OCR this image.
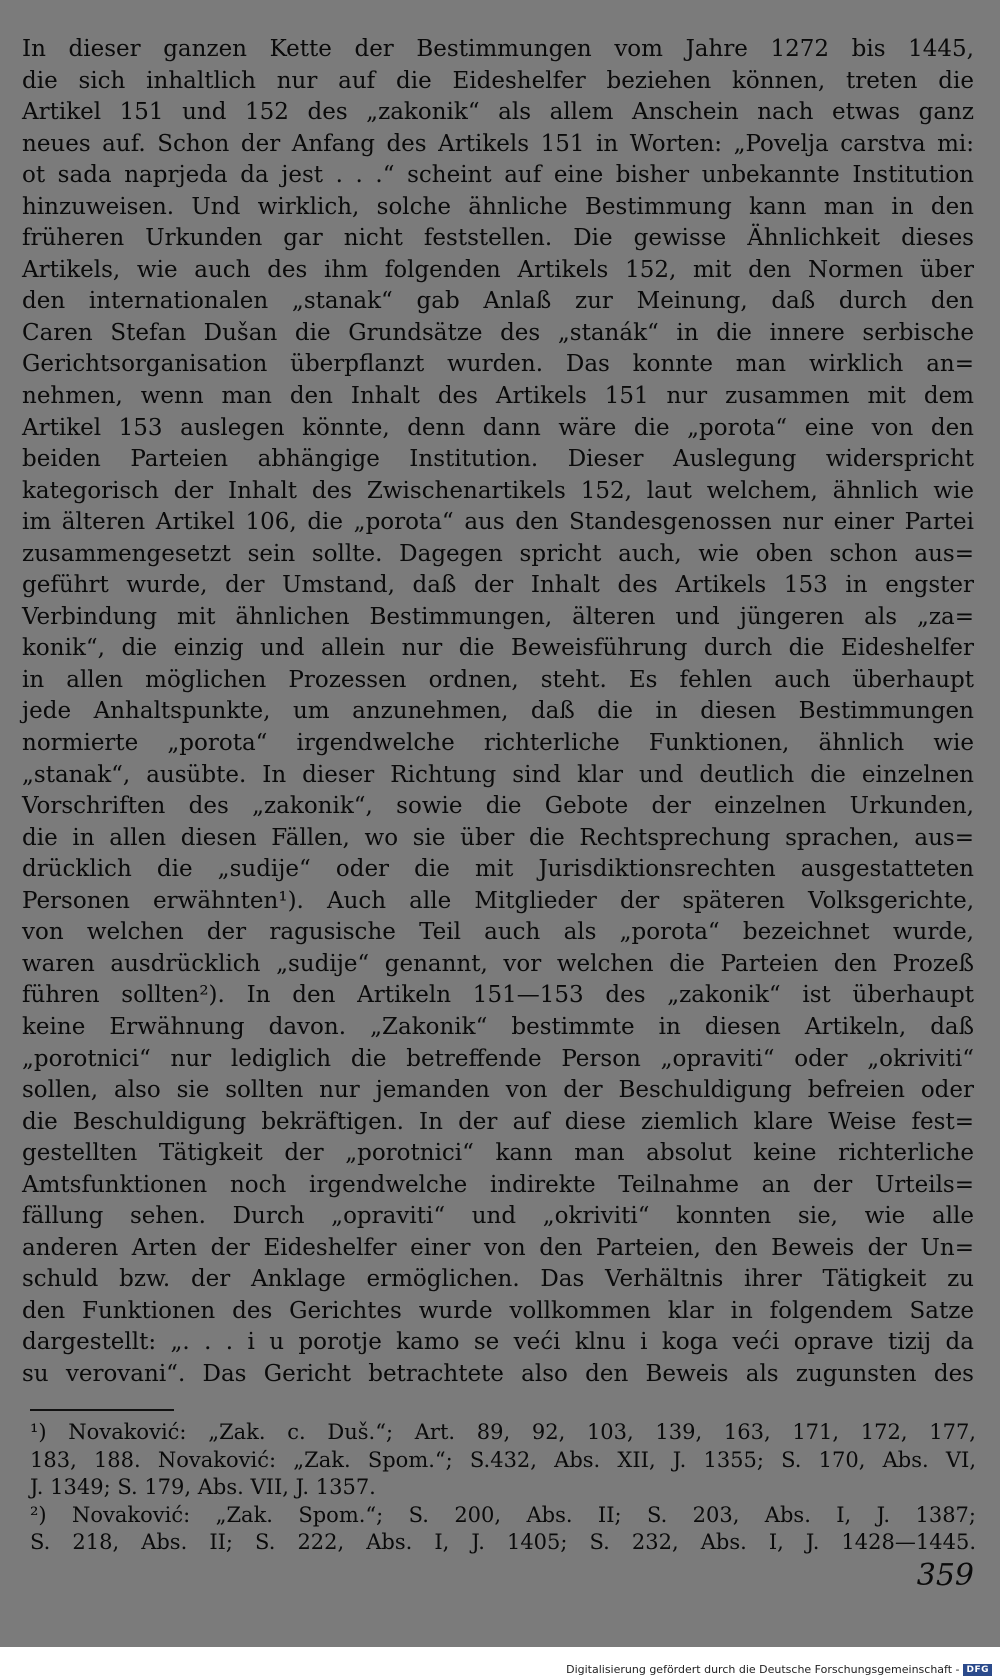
In dieser ganzen Kette der Bestimmungen vom Jahre 1272 bis 1445,
die sich inhaltlich nur auf die Eideshelfer beziehen können, treten die
Artikel 151 und 152 des „zakonik“ als allem Anschein nach etwas ganz
neues auf. Schon der Anfang des Artikels 151 in Worten: „Povelja carstva mi:
ot sada naprjeda da jest . . .“ scheint auf eine bisher unbekannte Institution
hinzuweisen. Und wirklich, solche ähnliche Bestimmung kann man in den
früheren Urkunden gar nicht feststellen. Die gewisse Ähnlichkeit dieses
Artikels, wie auch des ihm folgenden Artikels 152, mit den Normen über
den internationalen „stanak“ gab Anlaß zur Meinung, daß durch den
Caren Stefan Dušan die Grundsätze des „stanák“ in die innere serbische
Gerichtsorganisation überpflanzt wurden. Das konnte man wirklich an=
nehmen, wenn man den Inhalt des Artikels 151 nur zusammen mit dem
Artikel 153 auslegen könnte, denn dann wäre die „porota“ eine von den
beiden Parteien abhängige Institution. Dieser Auslegung widerspricht
kategorisch der Inhalt des Zwischenartikels 152, laut welchem, ähnlich wie
im älteren Artikel 106, die „porota“ aus den Standesgenossen nur einer Partei
zusammengesetzt sein sollte. Dagegen spricht auch, wie oben schon aus=
geführt wurde, der Umstand, daß der Inhalt des Artikels 153 in engster
Verbindung mit ähnlichen Bestimmungen, älteren und jüngeren als „za=
konik“, die einzig und allein nur die Beweisführung durch die Eideshelfer
in allen möglichen Prozessen ordnen, steht. Es fehlen auch überhaupt
jede Anhaltspunkte, um anzunehmen, daß die in diesen Bestimmungen
normierte „porota“ irgendwelche richterliche Funktionen, ähnlich wie
„stanak“, ausübte. In dieser Richtung sind klar und deutlich die einzelnen
Vorschriften des „zakonik“, sowie die Gebote der einzelnen Urkunden,
die in allen diesen Fällen, wo sie über die Rechtsprechung sprachen, aus=
drücklich die „sudije“ oder die mit Jurisdiktionsrechten ausgestatteten
Personen erwähnten¹). Auch alle Mitglieder der späteren Volksgerichte,
von welchen der ragusische Teil auch als „porota“ bezeichnet wurde,
waren ausdrücklich „sudije“ genannt, vor welchen die Parteien den Prozeß
führen sollten²). In den Artikeln 151—153 des „zakonik“ ist überhaupt
keine Erwähnung davon. „Zakonik“ bestimmte in diesen Artikeln, daß
„porotnici“ nur lediglich die betreffende Person „opraviti“ oder „okriviti“
sollen, also sie sollten nur jemanden von der Beschuldigung befreien oder
die Beschuldigung bekräftigen. In der auf diese ziemlich klare Weise fest=
gestellten Tätigkeit der „porotnici“ kann man absolut keine richterliche
Amtsfunktionen noch irgendwelche indirekte Teilnahme an der Urteils=
fällung sehen. Durch „opraviti“ und „okriviti“ konnten sie, wie alle
anderen Arten der Eideshelfer einer von den Parteien, den Beweis der Un=
schuld bzw. der Anklage ermöglichen. Das Verhältnis ihrer Tätigkeit zu
den Funktionen des Gerichtes wurde vollkommen klar in folgendem Satze
dargestellt: „. . . i u porotje kamo se veći klnu i koga veći oprave tizij da
su verovani“. Das Gericht betrachtete also den Beweis als zugunsten des
¹) Novaković: „Zak. c. Duš.“; Art. 89, 92, 103, 139, 163, 171, 172, 177,
183, 188. Novaković: „Zak. Spom.“; S.432, Abs. XII, J. 1355; S. 170, Abs. VI,
J. 1349; S. 179, Abs. VII, J. 1357.
²) Novaković: „Zak. Spom.“; S. 200, Abs. II; S. 203, Abs. I, J. 1387;
S. 218, Abs. II; S. 222, Abs. I, J. 1405; S. 232, Abs. I, J. 1428—1445.
359
Digitalisierung gefördert durch die Deutsche Forschungsgemeinschaft - DFG
